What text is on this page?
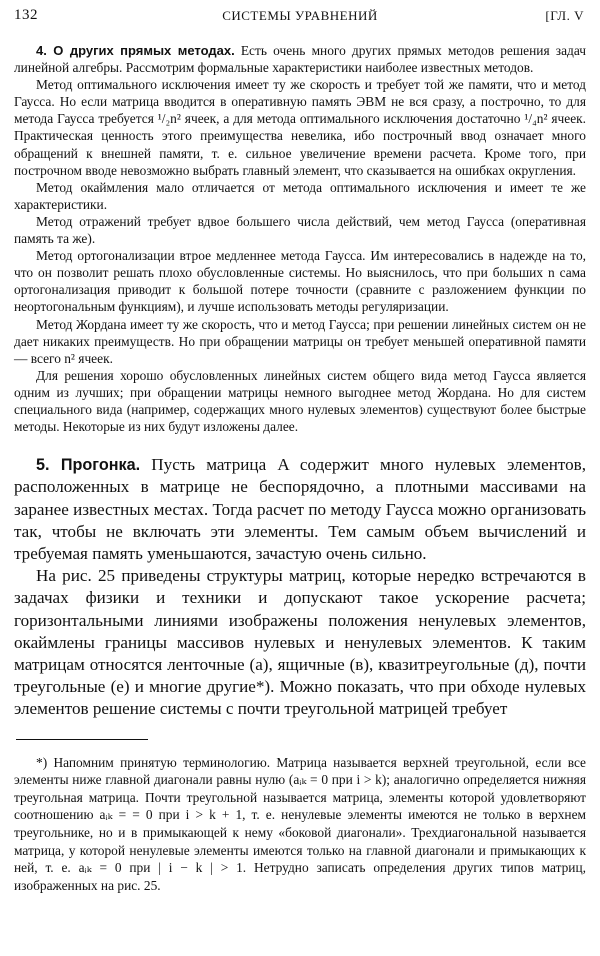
132	СИСТЕМЫ УРАВНЕНИЙ	[ГЛ. V

4. О других прямых методах. Есть очень много других прямых методов решения задач линейной алгебры. Рассмотрим формальные характеристики наиболее известных методов.

Метод оптимального исключения имеет ту же скорость и требует той же памяти, что и метод Гаусса. Но если матрица вводится в оперативную память ЭВМ не вся сразу, а построчно, то для метода Гаусса требуется ¹/₂n² ячеек, а для метода оптимального исключения достаточно ¹/₄n² ячеек. Практическая ценность этого преимущества невелика, ибо построчный ввод означает много обращений к внешней памяти, т. е. сильное увеличение времени расчета. Кроме того, при построчном вводе невозможно выбрать главный элемент, что сказывается на ошибках округления.

Метод окаймления мало отличается от метода оптимального исключения и имеет те же характеристики.

Метод отражений требует вдвое большего числа действий, чем метод Гаусса (оперативная память та же).

Метод ортогонализации втрое медленнее метода Гаусса. Им интересовались в надежде на то, что он позволит решать плохо обусловленные системы. Но выяснилось, что при больших n сама ортогонализация приводит к большой потере точности (сравните с разложением функции по неортогональным функциям), и лучше использовать методы регуляризации.

Метод Жордана имеет ту же скорость, что и метод Гаусса; при решении линейных систем он не дает никаких преимуществ. Но при обращении матрицы он требует меньшей оперативной памяти — всего n² ячеек.

Для решения хорошо обусловленных линейных систем общего вида метод Гаусса является одним из лучших; при обращении матрицы немного выгоднее метод Жордана. Но для систем специального вида (например, содержащих много нулевых элементов) существуют более быстрые методы. Некоторые из них будут изложены далее.

5. Прогонка. Пусть матрица A содержит много нулевых элементов, расположенных в матрице не беспорядочно, а плотными массивами на заранее известных местах. Тогда расчет по методу Гаусса можно организовать так, чтобы не включать эти элементы. Тем самым объем вычислений и требуемая память уменьшаются, зачастую очень сильно.

На рис. 25 приведены структуры матриц, которые нередко встречаются в задачах физики и техники и допускают такое ускорение расчета; горизонтальными линиями изображены положения ненулевых элементов, окаймлены границы массивов нулевых и ненулевых элементов. К таким матрицам относятся ленточные (а), ящичные (в), квазитреугольные (д), почти треугольные (е) и многие другие*). Можно показать, что при обходе нулевых элементов решение системы с почти треугольной матрицей требует

*) Напомним принятую терминологию. Матрица называется верхней треугольной, если все элементы ниже главной диагонали равны нулю (aᵢₖ = 0 при i > k); аналогично определяется нижняя треугольная матрица. Почти треугольной называется матрица, элементы которой удовлетворяют соотношению aᵢₖ = = 0 при i > k + 1, т. е. ненулевые элементы имеются не только в верхнем треугольнике, но и в примыкающей к нему «боковой диагонали». Трехдиагональной называется матрица, у которой ненулевые элементы имеются только на главной диагонали и примыкающих к ней, т. е. aᵢₖ = 0 при | i − k | > 1. Нетрудно записать определения других типов матриц, изображенных на рис. 25.
